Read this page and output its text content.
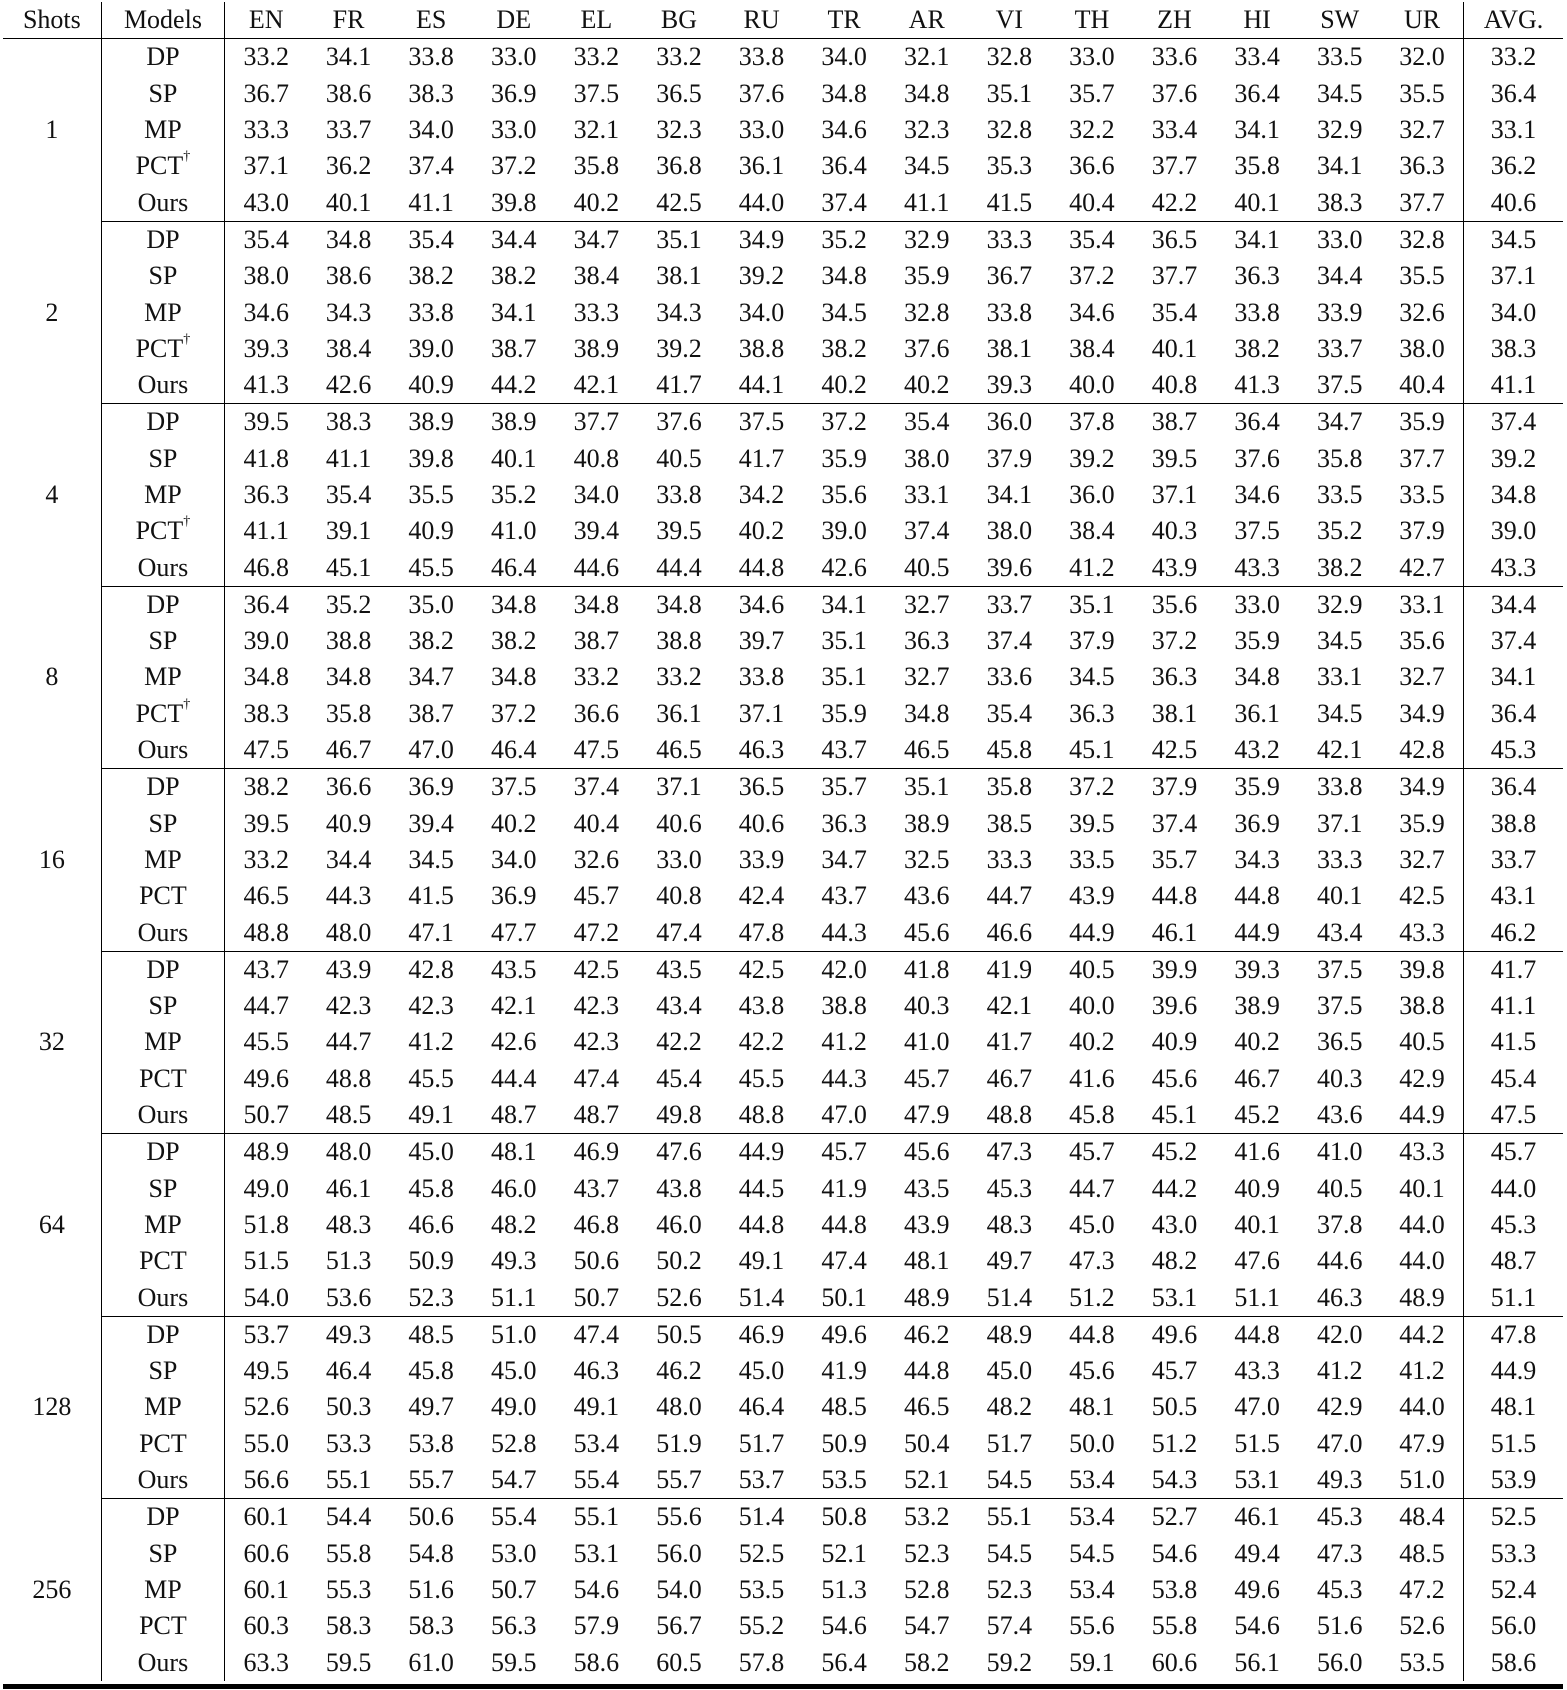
Shots	Models	EN	FR	ES	DE	EL	BG	RU	TR	AR	VI	TH	ZH	HI	SW	UR	AVG.
1	DP	33.2	34.1	33.8	33.0	33.2	33.2	33.8	34.0	32.1	32.8	33.0	33.6	33.4	33.5	32.0	33.2
	SP	36.7	38.6	38.3	36.9	37.5	36.5	37.6	34.8	34.8	35.1	35.7	37.6	36.4	34.5	35.5	36.4
	MP	33.3	33.7	34.0	33.0	32.1	32.3	33.0	34.6	32.3	32.8	32.2	33.4	34.1	32.9	32.7	33.1
	PCT†	37.1	36.2	37.4	37.2	35.8	36.8	36.1	36.4	34.5	35.3	36.6	37.7	35.8	34.1	36.3	36.2
	Ours	43.0	40.1	41.1	39.8	40.2	42.5	44.0	37.4	41.1	41.5	40.4	42.2	40.1	38.3	37.7	40.6
2	DP	35.4	34.8	35.4	34.4	34.7	35.1	34.9	35.2	32.9	33.3	35.4	36.5	34.1	33.0	32.8	34.5
	SP	38.0	38.6	38.2	38.2	38.4	38.1	39.2	34.8	35.9	36.7	37.2	37.7	36.3	34.4	35.5	37.1
	MP	34.6	34.3	33.8	34.1	33.3	34.3	34.0	34.5	32.8	33.8	34.6	35.4	33.8	33.9	32.6	34.0
	PCT†	39.3	38.4	39.0	38.7	38.9	39.2	38.8	38.2	37.6	38.1	38.4	40.1	38.2	33.7	38.0	38.3
	Ours	41.3	42.6	40.9	44.2	42.1	41.7	44.1	40.2	40.2	39.3	40.0	40.8	41.3	37.5	40.4	41.1
4	DP	39.5	38.3	38.9	38.9	37.7	37.6	37.5	37.2	35.4	36.0	37.8	38.7	36.4	34.7	35.9	37.4
	SP	41.8	41.1	39.8	40.1	40.8	40.5	41.7	35.9	38.0	37.9	39.2	39.5	37.6	35.8	37.7	39.2
	MP	36.3	35.4	35.5	35.2	34.0	33.8	34.2	35.6	33.1	34.1	36.0	37.1	34.6	33.5	33.5	34.8
	PCT†	41.1	39.1	40.9	41.0	39.4	39.5	40.2	39.0	37.4	38.0	38.4	40.3	37.5	35.2	37.9	39.0
	Ours	46.8	45.1	45.5	46.4	44.6	44.4	44.8	42.6	40.5	39.6	41.2	43.9	43.3	38.2	42.7	43.3
8	DP	36.4	35.2	35.0	34.8	34.8	34.8	34.6	34.1	32.7	33.7	35.1	35.6	33.0	32.9	33.1	34.4
	SP	39.0	38.8	38.2	38.2	38.7	38.8	39.7	35.1	36.3	37.4	37.9	37.2	35.9	34.5	35.6	37.4
	MP	34.8	34.8	34.7	34.8	33.2	33.2	33.8	35.1	32.7	33.6	34.5	36.3	34.8	33.1	32.7	34.1
	PCT†	38.3	35.8	38.7	37.2	36.6	36.1	37.1	35.9	34.8	35.4	36.3	38.1	36.1	34.5	34.9	36.4
	Ours	47.5	46.7	47.0	46.4	47.5	46.5	46.3	43.7	46.5	45.8	45.1	42.5	43.2	42.1	42.8	45.3
16	DP	38.2	36.6	36.9	37.5	37.4	37.1	36.5	35.7	35.1	35.8	37.2	37.9	35.9	33.8	34.9	36.4
	SP	39.5	40.9	39.4	40.2	40.4	40.6	40.6	36.3	38.9	38.5	39.5	37.4	36.9	37.1	35.9	38.8
	MP	33.2	34.4	34.5	34.0	32.6	33.0	33.9	34.7	32.5	33.3	33.5	35.7	34.3	33.3	32.7	33.7
	PCT	46.5	44.3	41.5	36.9	45.7	40.8	42.4	43.7	43.6	44.7	43.9	44.8	44.8	40.1	42.5	43.1
	Ours	48.8	48.0	47.1	47.7	47.2	47.4	47.8	44.3	45.6	46.6	44.9	46.1	44.9	43.4	43.3	46.2
32	DP	43.7	43.9	42.8	43.5	42.5	43.5	42.5	42.0	41.8	41.9	40.5	39.9	39.3	37.5	39.8	41.7
	SP	44.7	42.3	42.3	42.1	42.3	43.4	43.8	38.8	40.3	42.1	40.0	39.6	38.9	37.5	38.8	41.1
	MP	45.5	44.7	41.2	42.6	42.3	42.2	42.2	41.2	41.0	41.7	40.2	40.9	40.2	36.5	40.5	41.5
	PCT	49.6	48.8	45.5	44.4	47.4	45.4	45.5	44.3	45.7	46.7	41.6	45.6	46.7	40.3	42.9	45.4
	Ours	50.7	48.5	49.1	48.7	48.7	49.8	48.8	47.0	47.9	48.8	45.8	45.1	45.2	43.6	44.9	47.5
64	DP	48.9	48.0	45.0	48.1	46.9	47.6	44.9	45.7	45.6	47.3	45.7	45.2	41.6	41.0	43.3	45.7
	SP	49.0	46.1	45.8	46.0	43.7	43.8	44.5	41.9	43.5	45.3	44.7	44.2	40.9	40.5	40.1	44.0
	MP	51.8	48.3	46.6	48.2	46.8	46.0	44.8	44.8	43.9	48.3	45.0	43.0	40.1	37.8	44.0	45.3
	PCT	51.5	51.3	50.9	49.3	50.6	50.2	49.1	47.4	48.1	49.7	47.3	48.2	47.6	44.6	44.0	48.7
	Ours	54.0	53.6	52.3	51.1	50.7	52.6	51.4	50.1	48.9	51.4	51.2	53.1	51.1	46.3	48.9	51.1
128	DP	53.7	49.3	48.5	51.0	47.4	50.5	46.9	49.6	46.2	48.9	44.8	49.6	44.8	42.0	44.2	47.8
	SP	49.5	46.4	45.8	45.0	46.3	46.2	45.0	41.9	44.8	45.0	45.6	45.7	43.3	41.2	41.2	44.9
	MP	52.6	50.3	49.7	49.0	49.1	48.0	46.4	48.5	46.5	48.2	48.1	50.5	47.0	42.9	44.0	48.1
	PCT	55.0	53.3	53.8	52.8	53.4	51.9	51.7	50.9	50.4	51.7	50.0	51.2	51.5	47.0	47.9	51.5
	Ours	56.6	55.1	55.7	54.7	55.4	55.7	53.7	53.5	52.1	54.5	53.4	54.3	53.1	49.3	51.0	53.9
256	DP	60.1	54.4	50.6	55.4	55.1	55.6	51.4	50.8	53.2	55.1	53.4	52.7	46.1	45.3	48.4	52.5
	SP	60.6	55.8	54.8	53.0	53.1	56.0	52.5	52.1	52.3	54.5	54.5	54.6	49.4	47.3	48.5	53.3
	MP	60.1	55.3	51.6	50.7	54.6	54.0	53.5	51.3	52.8	52.3	53.4	53.8	49.6	45.3	47.2	52.4
	PCT	60.3	58.3	58.3	56.3	57.9	56.7	55.2	54.6	54.7	57.4	55.6	55.8	54.6	51.6	52.6	56.0
	Ours	63.3	59.5	61.0	59.5	58.6	60.5	57.8	56.4	58.2	59.2	59.1	60.6	56.1	56.0	53.5	58.6
